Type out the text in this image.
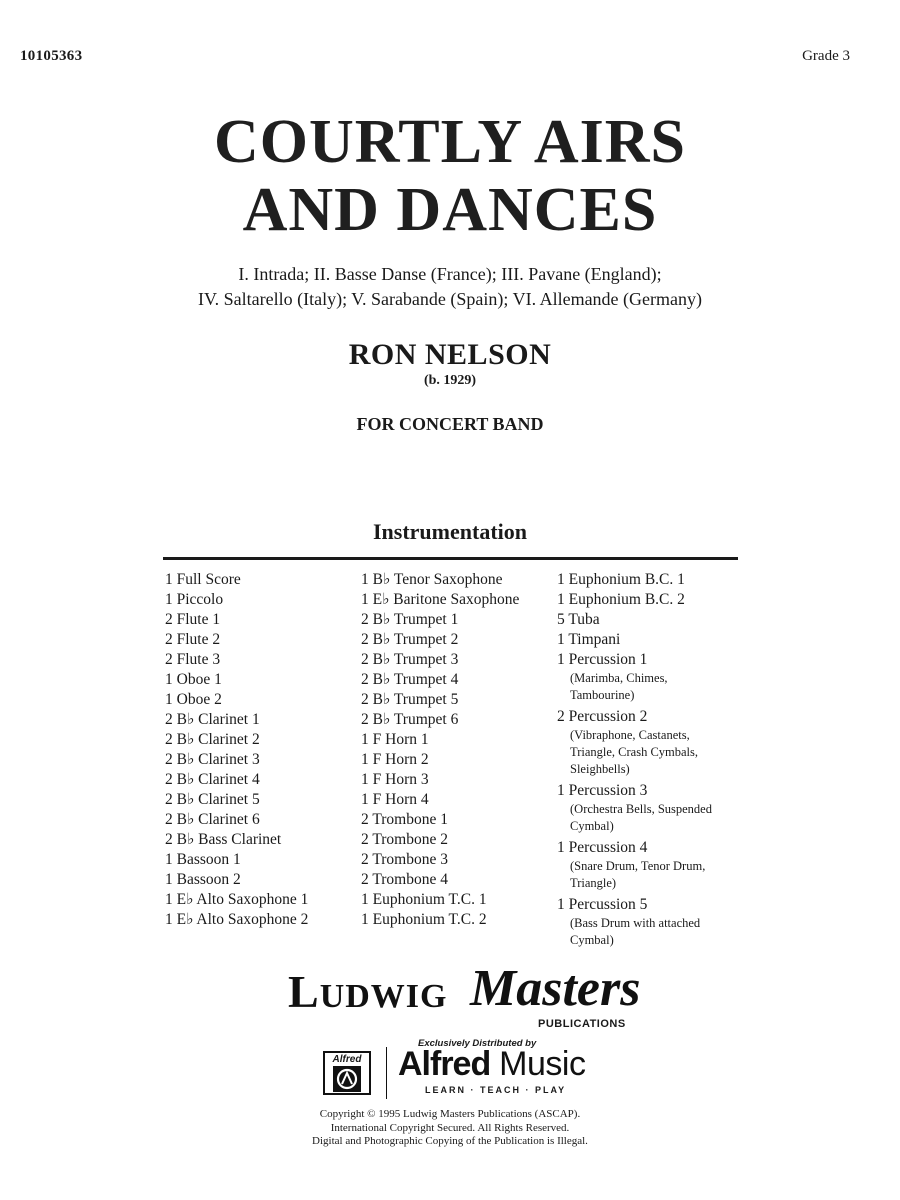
10105363	Grade 3
COURTLY AIRS
AND DANCES
I. Intrada; II. Basse Danse (France); III. Pavane (England);
IV. Saltarello (Italy); V. Sarabande (Spain); VI. Allemande (Germany)
RON NELSON
(b. 1929)
FOR CONCERT BAND
Instrumentation
1 Full Score
1 Piccolo
2 Flute 1
2 Flute 2
2 Flute 3
1 Oboe 1
1 Oboe 2
2 B♭ Clarinet 1
2 B♭ Clarinet 2
2 B♭ Clarinet 3
2 B♭ Clarinet 4
2 B♭ Clarinet 5
2 B♭ Clarinet 6
2 B♭ Bass Clarinet
1 Bassoon 1
1 Bassoon 2
1 E♭ Alto Saxophone 1
1 E♭ Alto Saxophone 2
1 B♭ Tenor Saxophone
1 E♭ Baritone Saxophone
2 B♭ Trumpet 1
2 B♭ Trumpet 2
2 B♭ Trumpet 3
2 B♭ Trumpet 4
2 B♭ Trumpet 5
2 B♭ Trumpet 6
1 F Horn 1
1 F Horn 2
1 F Horn 3
1 F Horn 4
2 Trombone 1
2 Trombone 2
2 Trombone 3
2 Trombone 4
1 Euphonium T.C. 1
1 Euphonium T.C. 2
1 Euphonium B.C. 1
1 Euphonium B.C. 2
5 Tuba
1 Timpani
1 Percussion 1
(Marimba, Chimes,
Tambourine)
2 Percussion 2
(Vibraphone, Castanets,
Triangle, Crash Cymbals,
Sleighbells)
1 Percussion 3
(Orchestra Bells, Suspended
Cymbal)
1 Percussion 4
(Snare Drum, Tenor Drum,
Triangle)
1 Percussion 5
(Bass Drum with attached
Cymbal)
LUDWIG Masters
PUBLICATIONS
Exclusively Distributed by
Alfred Alfred Music
LEARN · TEACH · PLAY
Copyright © 1995 Ludwig Masters Publications (ASCAP).
International Copyright Secured. All Rights Reserved.
Digital and Photographic Copying of the Publication is Illegal.
